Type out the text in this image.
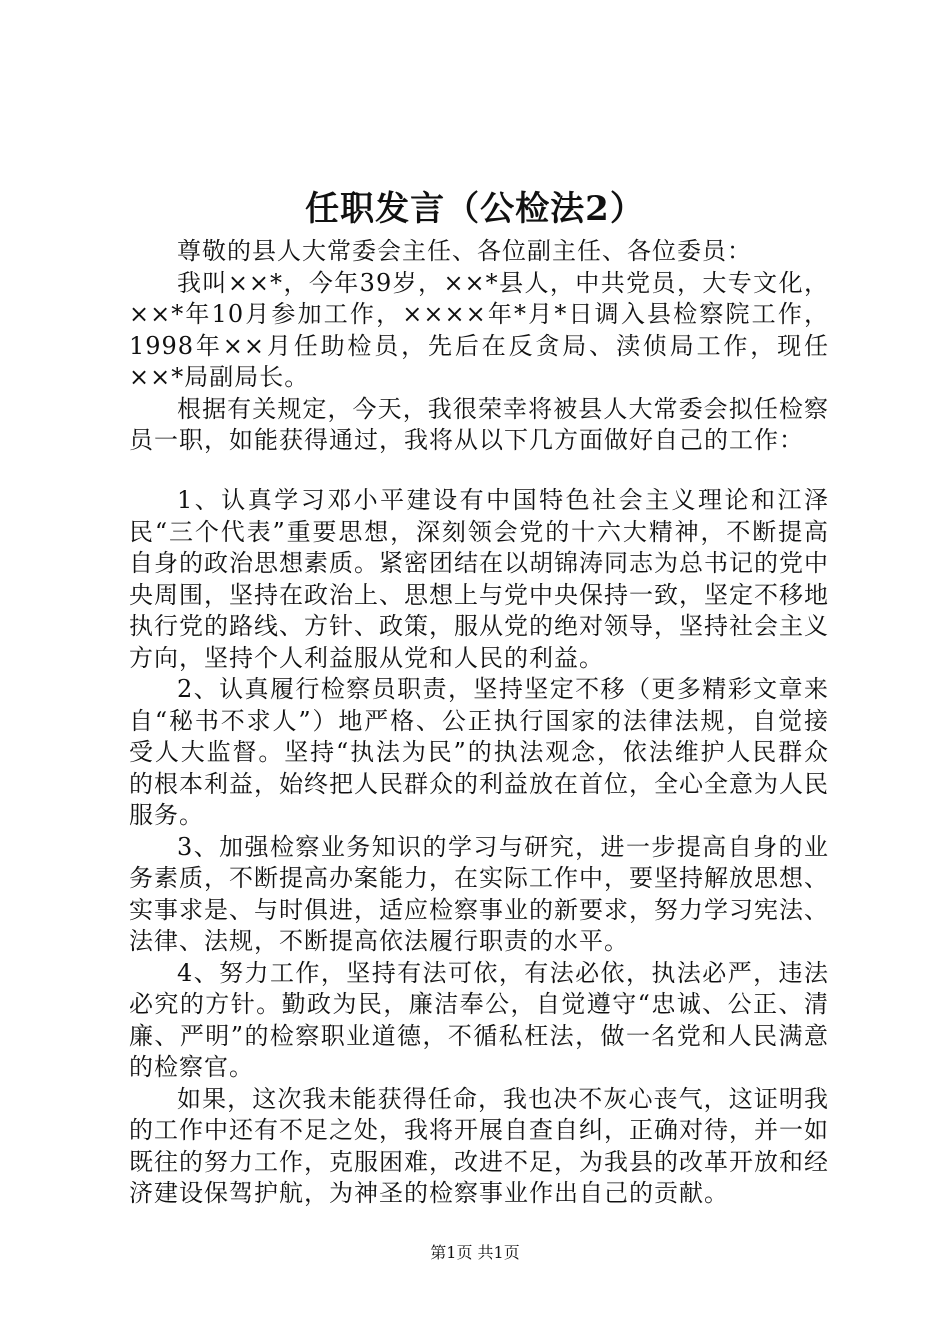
任职发言（公检法2）

尊敬的县人大常委会主任、各位副主任、各位委员：

我叫××*，今年39岁，××*县人，中共党员，大专文化，××*年10月参加工作，××××年*月*日调入县检察院工作，1998年××月任助检员，先后在反贪局、渎侦局工作，现任××*局副局长。

根据有关规定，今天，我很荣幸将被县人大常委会拟任检察员一职，如能获得通过，我将从以下几方面做好自己的工作：

1、认真学习邓小平建设有中国特色社会主义理论和江泽民“三个代表”重要思想，深刻领会党的十六大精神，不断提高自身的政治思想素质。紧密团结在以胡锦涛同志为总书记的党中央周围，坚持在政治上、思想上与党中央保持一致，坚定不移地执行党的路线、方针、政策，服从党的绝对领导，坚持社会主义方向，坚持个人利益服从党和人民的利益。

2、认真履行检察员职责，坚持坚定不移（更多精彩文章来自“秘书不求人”）地严格、公正执行国家的法律法规，自觉接受人大监督。坚持“执法为民”的执法观念，依法维护人民群众的根本利益，始终把人民群众的利益放在首位，全心全意为人民服务。

3、加强检察业务知识的学习与研究，进一步提高自身的业务素质，不断提高办案能力，在实际工作中，要坚持解放思想、实事求是、与时俱进，适应检察事业的新要求，努力学习宪法、法律、法规，不断提高依法履行职责的水平。

4、努力工作，坚持有法可依，有法必依，执法必严，违法必究的方针。勤政为民，廉洁奉公，自觉遵守“忠诚、公正、清廉、严明”的检察职业道德，不循私枉法，做一名党和人民满意的检察官。

如果，这次我未能获得任命，我也决不灰心丧气，这证明我的工作中还有不足之处，我将开展自查自纠，正确对待，并一如既往的努力工作，克服困难，改进不足，为我县的改革开放和经济建设保驾护航，为神圣的检察事业作出自己的贡献。

第1页 共1页
